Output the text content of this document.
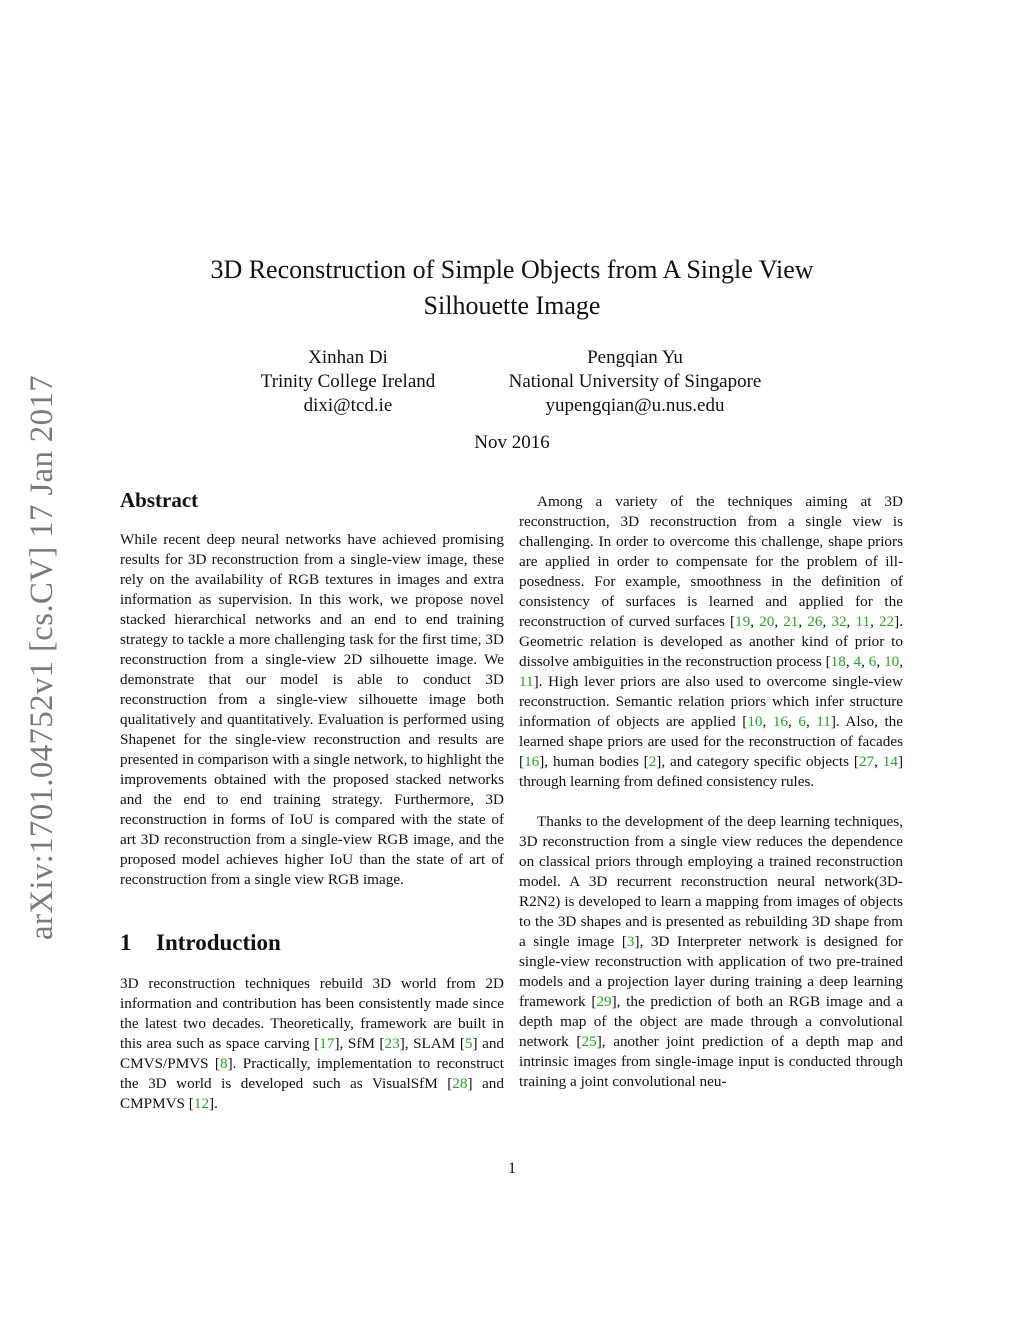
arXiv:1701.04752v1 [cs.CV] 17 Jan 2017
3D Reconstruction of Simple Objects from A Single View
Silhouette Image
Xinhan Di
Trinity College Ireland
dixi@tcd.ie
Pengqian Yu
National University of Singapore
yupengqian@u.nus.edu
Nov 2016
Abstract

While recent deep neural networks have achieved promising results for 3D reconstruction from a single-view image, these rely on the availability of RGB textures in images and extra information as supervision. In this work, we propose novel stacked hierarchical networks and an end to end training strategy to tackle a more challenging task for the first time, 3D reconstruction from a single-view 2D silhouette image. We demonstrate that our model is able to conduct 3D reconstruction from a single-view silhouette image both qualitatively and quantitatively. Evaluation is performed using Shapenet for the single-view reconstruction and results are presented in comparison with a single network, to highlight the improvements obtained with the proposed stacked networks and the end to end training strategy. Furthermore, 3D reconstruction in forms of IoU is compared with the state of art 3D reconstruction from a single-view RGB image, and the proposed model achieves higher IoU than the state of art of reconstruction from a single view RGB image.

1 Introduction

3D reconstruction techniques rebuild 3D world from 2D information and contribution has been consistently made since the latest two decades. Theoretically, framework are built in this area such as space carving [17], SfM [23], SLAM [5] and CMVS/PMVS [8]. Practically, implementation to reconstruct the 3D world is developed such as VisualSfM [28] and CMPMVS [12].

Among a variety of the techniques aiming at 3D reconstruction, 3D reconstruction from a single view is challenging. In order to overcome this challenge, shape priors are applied in order to compensate for the problem of ill-posedness. For example, smoothness in the definition of consistency of surfaces is learned and applied for the reconstruction of curved surfaces [19, 20, 21, 26, 32, 11, 22]. Geometric relation is developed as another kind of prior to dissolve ambiguities in the reconstruction process [18, 4, 6, 10, 11]. High lever priors are also used to overcome single-view reconstruction. Semantic relation priors which infer structure information of objects are applied [10, 16, 6, 11]. Also, the learned shape priors are used for the reconstruction of facades [16], human bodies [2], and category specific objects [27, 14] through learning from defined consistency rules.

Thanks to the development of the deep learning techniques, 3D reconstruction from a single view reduces the dependence on classical priors through employing a trained reconstruction model. A 3D recurrent reconstruction neural network(3D-R2N2) is developed to learn a mapping from images of objects to the 3D shapes and is presented as rebuilding 3D shape from a single image [3], 3D Interpreter network is designed for single-view reconstruction with application of two pre-trained models and a projection layer during training a deep learning framework [29], the prediction of both an RGB image and a depth map of the object are made through a convolutional network [25], another joint prediction of a depth map and intrinsic images from single-image input is conducted through training a joint convolutional neu-

1
